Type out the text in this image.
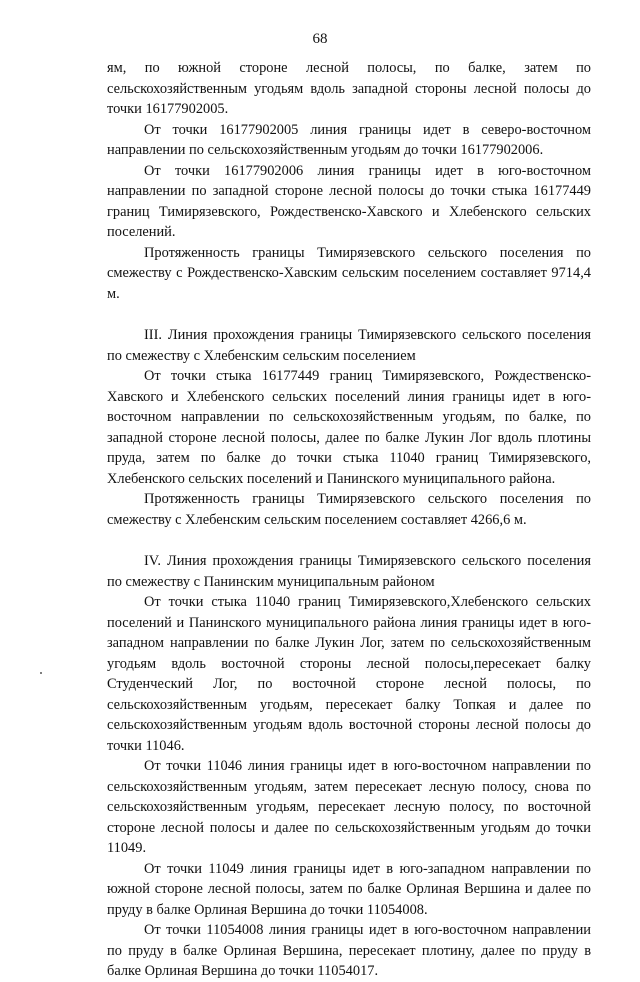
68

ям, по южной стороне лесной полосы, по балке, затем по сельскохозяйственным угодьям вдоль западной стороны лесной полосы до точки 16177902005.

От точки 16177902005 линия границы идет в северо-восточном направлении по сельскохозяйственным угодьям до точки 16177902006.

От точки 16177902006 линия границы идет в юго-восточном направлении по западной стороне лесной полосы до точки стыка 16177449 границ Тимирязевского, Рождественско-Хавского и Хлебенского сельских поселений.

Протяженность границы Тимирязевского сельского поселения по смежеству с Рождественско-Хавским сельским поселением составляет 9714,4 м.

III. Линия прохождения границы Тимирязевского сельского поселения по смежеству с Хлебенским сельским поселением

От точки стыка 16177449 границ Тимирязевского, Рождественско-Хавского и Хлебенского сельских поселений линия границы идет в юго-восточном направлении по сельскохозяйственным угодьям, по балке, по западной стороне лесной полосы, далее по балке Лукин Лог вдоль плотины пруда, затем по балке до точки стыка 11040 границ Тимирязевского, Хлебенского сельских поселений и Панинского муниципального района.

Протяженность границы Тимирязевского сельского поселения по смежеству с Хлебенским сельским поселением составляет 4266,6 м.

IV. Линия прохождения границы Тимирязевского сельского поселения по смежеству с Панинским муниципальным районом

От точки стыка 11040 границ Тимирязевского,Хлебенского сельских поселений и Панинского муниципального района линия границы идет в юго-западном направлении по балке Лукин Лог, затем по сельскохозяйственным угодьям вдоль восточной стороны лесной полосы,пересекает балку Студенческий Лог, по восточной стороне лесной полосы, по сельскохозяйственным угодьям, пересекает балку Топкая и далее по сельскохозяйственным угодьям вдоль восточной стороны лесной полосы до точки 11046.

От точки 11046 линия границы идет в юго-восточном направлении по сельскохозяйственным угодьям, затем пересекает лесную полосу, снова по сельскохозяйственным угодьям, пересекает лесную полосу, по восточной стороне лесной полосы и далее по сельскохозяйственным угодьям до точки 11049.

От точки 11049 линия границы идет в юго-западном направлении по южной стороне лесной полосы, затем по балке Орлиная Вершина и далее по пруду в балке Орлиная Вершина до точки 11054008.

От точки 11054008 линия границы идет в юго-восточном направлении по пруду в балке Орлиная Вершина, пересекает плотину, далее по пруду в балке Орлиная Вершина до точки 11054017.
